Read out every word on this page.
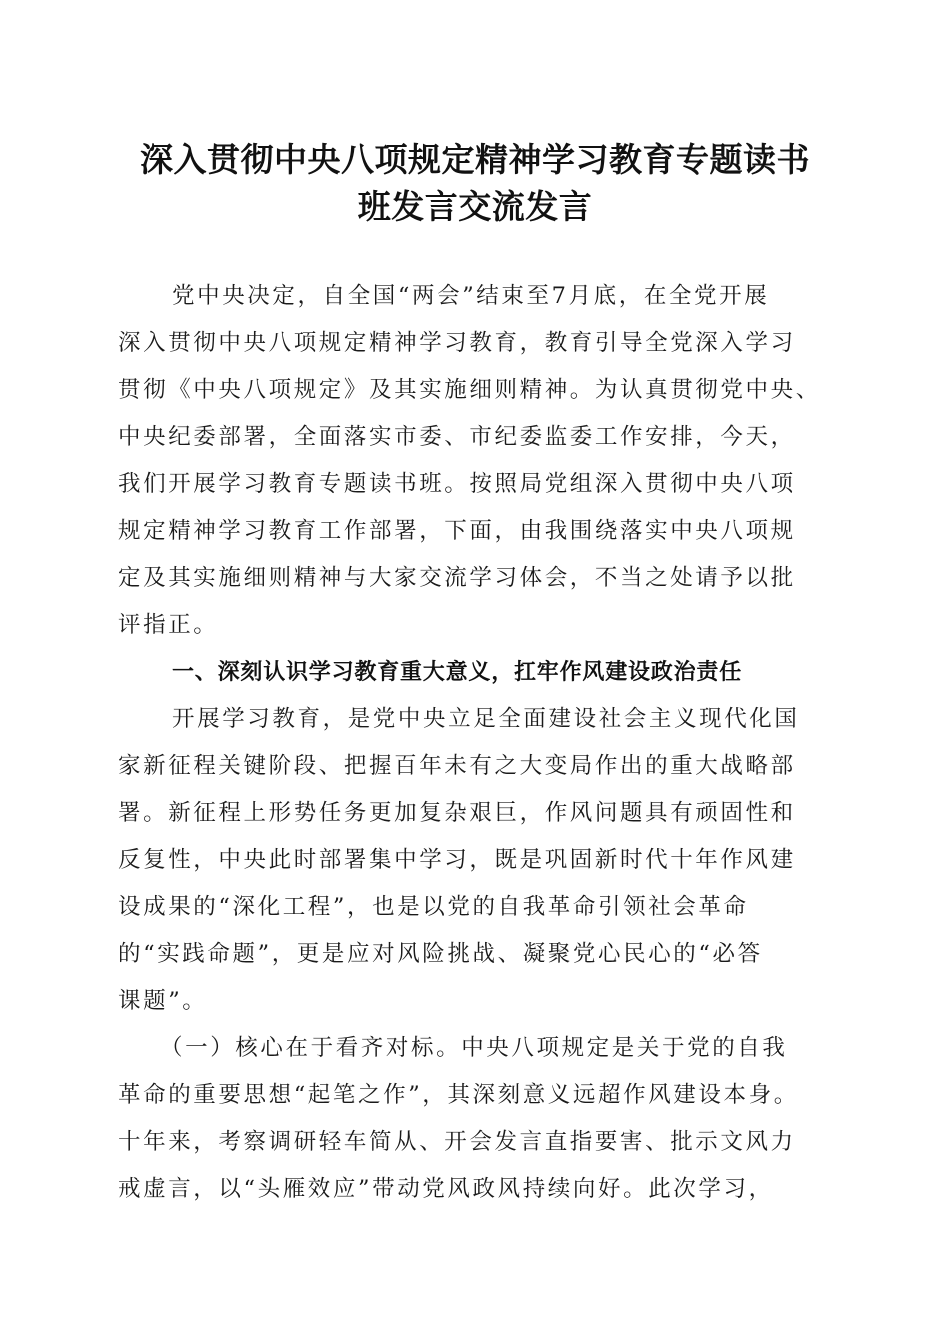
深入贯彻中央八项规定精神学习教育专题读书
班发言交流发言
党中央决定，自全国“两会”结束至7月底，在全党开展
深入贯彻中央八项规定精神学习教育，教育引导全党深入学习
贯彻《中央八项规定》及其实施细则精神。为认真贯彻党中央、
中央纪委部署，全面落实市委、市纪委监委工作安排，今天，
我们开展学习教育专题读书班。按照局党组深入贯彻中央八项
规定精神学习教育工作部署，下面，由我围绕落实中央八项规
定及其实施细则精神与大家交流学习体会，不当之处请予以批
评指正。
一、深刻认识学习教育重大意义，扛牢作风建设政治责任
开展学习教育，是党中央立足全面建设社会主义现代化国
家新征程关键阶段、把握百年未有之大变局作出的重大战略部
署。新征程上形势任务更加复杂艰巨，作风问题具有顽固性和
反复性，中央此时部署集中学习，既是巩固新时代十年作风建
设成果的“深化工程”，也是以党的自我革命引领社会革命
的“实践命题”，更是应对风险挑战、凝聚党心民心的“必答
课题”。
（一）核心在于看齐对标。中央八项规定是关于党的自我
革命的重要思想“起笔之作”，其深刻意义远超作风建设本身。
十年来，考察调研轻车简从、开会发言直指要害、批示文风力
戒虚言，以“头雁效应”带动党风政风持续向好。此次学习，
